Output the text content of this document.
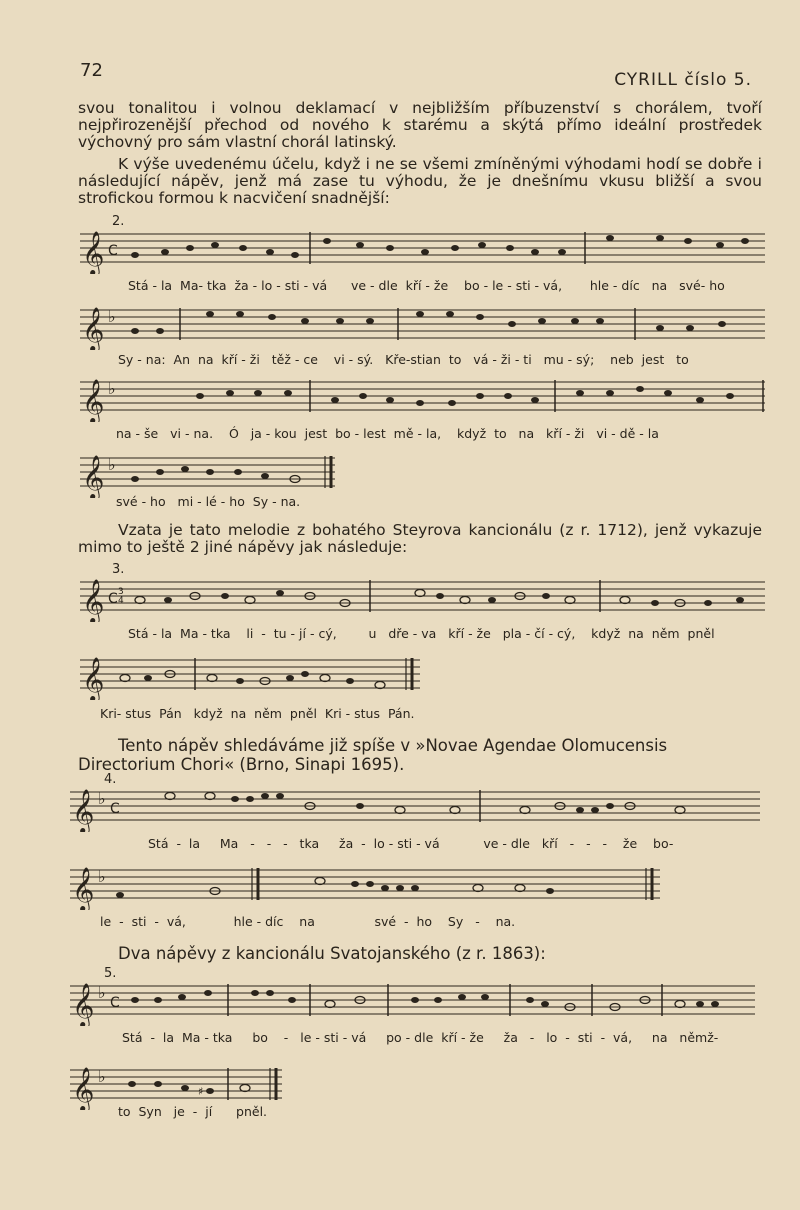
72	CYRILL číslo 5.
svou tonalitou i volnou deklamací v nejbližším příbuzenství s chorálem, tvoří nejpřirozenější přechod od nového k starému a skýtá přímo ideální prostředek výchovný pro sám vlastní chorál latinský.
K výše uvedenému účelu, když i ne se všemi zmíněnými výhodami hodí se dobře i následující nápěv, jenž má zase tu výhodu, že je dnešnímu vkusu bližší a svou strofickou formou k nacvičení snadnější:
2.
𝄞 C
Stá - la  Ma- tka  ža - lo - sti - vá      ve - dle  kří - že    bo - le - sti - vá,       hle - díc   na   své- ho
𝄞 ♭
Sy - na:  An  na  kří - ži   těž - ce    vi - sý.   Kře-stian  to   vá - ži - ti   mu - sý;    neb  jest   to
𝄞 ♭
na - še   vi - na.    Ó   ja - kou  jest  bo - lest  mě - la,    když  to   na   kří - ži   vi - dě - la
𝄞 ♭
své - ho   mi - lé - ho  Sy - na.
Vzata je tato melodie z bohatého Steyrova kancionálu (z r. 1712), jenž vykazuje mimo to ještě 2 jiné nápěvy jak následuje:
3.
𝄞 C 3
4
Stá - la  Ma - tka    li  -  tu - jí - cý,        u   dře - va   kří - že   pla - čí - cý,    když  na  něm  pněl
𝄞
Kri- stus  Pán   když  na  něm  pněl  Kri - stus  Pán.
Tento nápěv shledáváme již spíše v »Novae Agendae Olomucensis Directorium Chori« (Brno, Sinapi 1695).
4.
𝄞 ♭
C
Stá  -  la     Ma   -   -   -   tka     ža  -  lo - sti - vá           ve - dle   kří   -   -   -    že    bo-
𝄞 ♭
le  -  sti  -  vá,            hle - díc    na               své  -  ho    Sy   -    na.
Dva nápěvy z kancionálu Svatojanského (z r. 1863):
5.
𝄞 ♭
C
Stá  -  la  Ma - tka     bo    -   le - sti - vá     po - dle  kří - že     ža   -   lo  -  sti  -  vá,     na   němž-
𝄞 ♭
♯
to  Syn   je  -  jí      pněl.
